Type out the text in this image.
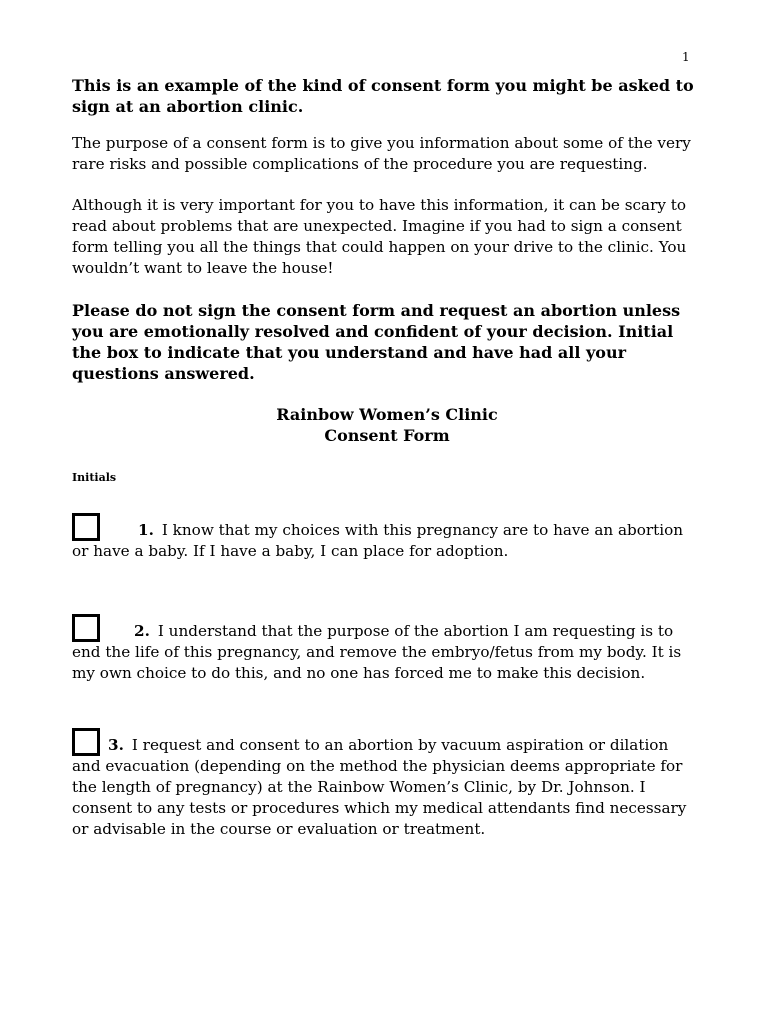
1

This is an example of the kind of consent form you might be asked to sign at an abortion clinic.

The purpose of a consent form is to give you information about some of the very rare risks and possible complications of the procedure you are requesting.

Although it is very important for you to have this information, it can be scary to read about problems that are unexpected. Imagine if you had to sign a consent form telling you all the things that could happen on your drive to the clinic. You wouldn’t want to leave the house!

Please do not sign the consent form and request an abortion unless you are emotionally resolved and confident of your decision. Initial the box to indicate that you understand and have had all your questions answered.

Rainbow Women’s Clinic
Consent Form
Initials
1. I know that my choices with this pregnancy are to have an abortion

or have a baby. If I have a baby, I can place for adoption.

2. I understand that the purpose of the abortion I am requesting is to

end the life of this pregnancy, and remove the embryo/fetus from my body. It is my own choice to do this, and no one has forced me to make this decision.

3. I request and consent to an abortion by vacuum aspiration or dilation

and evacuation (depending on the method the physician deems appropriate for the length of pregnancy) at the Rainbow Women’s Clinic, by Dr. Johnson. I consent to any tests or procedures which my medical attendants find necessary or advisable in the course or evaluation or treatment.
